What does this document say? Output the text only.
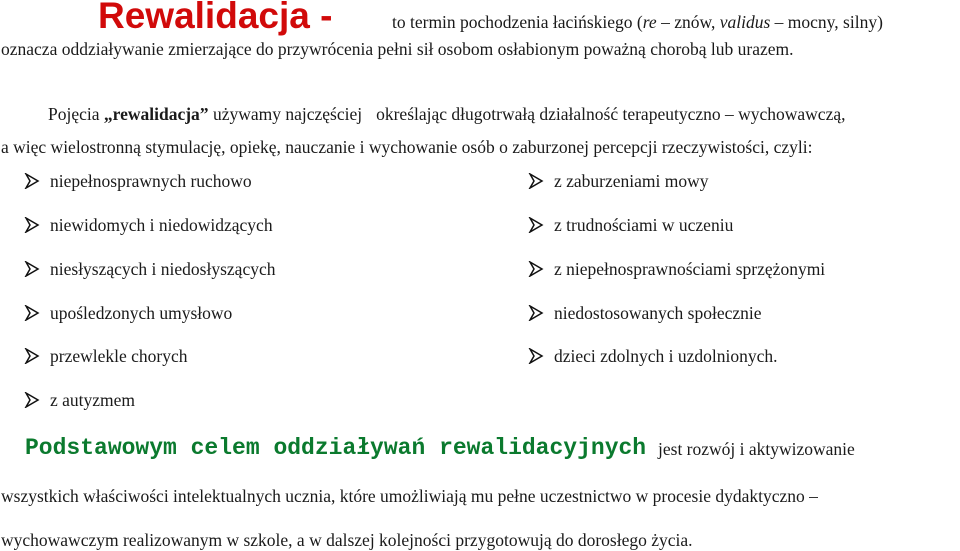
Rewalidacja -	to termin pochodzenia łacińskiego (re – znów, validus – mocny, silny)
oznacza oddziaływanie zmierzające do przywrócenia pełni sił osobom osłabionym poważną chorobą lub urazem.
Pojęcia „rewalidacja” używamy najczęściej określając długotrwałą działalność terapeutyczno – wychowawczą,
a więc wielostronną stymulację, opiekę, nauczanie i wychowanie osób o zaburzonej percepcji rzeczywistości, czyli:
niepełnosprawnych ruchowo
niewidomych i niedowidzących
niesłyszących i niedosłyszących
upośledzonych umysłowo
przewlekle chorych
z autyzmem
z zaburzeniami mowy
z trudnościami w uczeniu
z niepełnosprawnościami sprzężonymi
niedostosowanych społecznie
dzieci zdolnych i uzdolnionych.
Podstawowym celem oddziaływań rewalidacyjnych jest rozwój i aktywizowanie
wszystkich właściwości intelektualnych ucznia, które umożliwiają mu pełne uczestnictwo w procesie dydaktyczno –
wychowawczym realizowanym w szkole, a w dalszej kolejności przygotowują do dorosłego życia.
